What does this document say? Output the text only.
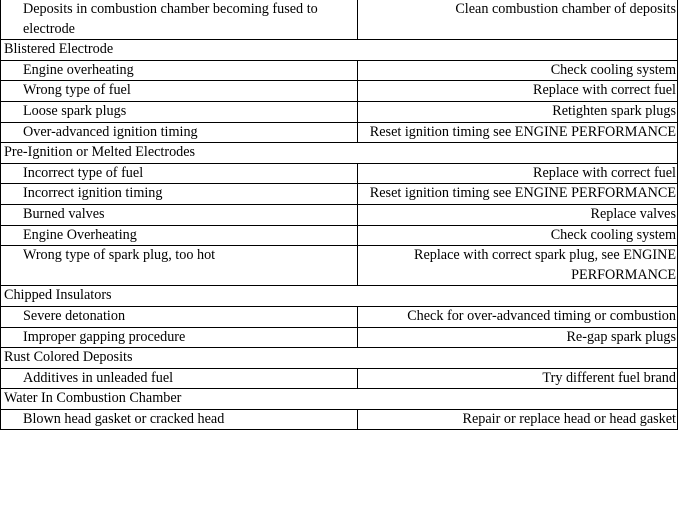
Deposits in combustion chamber becoming fused to electrode	Clean combustion chamber of deposits
Blistered Electrode	
Engine overheating	Check cooling system
Wrong type of fuel	Replace with correct fuel
Loose spark plugs	Retighten spark plugs
Over-advanced ignition timing	Reset ignition timing see ENGINE PERFORMANCE
Pre-Ignition or Melted Electrodes	
Incorrect type of fuel	Replace with correct fuel
Incorrect ignition timing	Reset ignition timing see ENGINE PERFORMANCE
Burned valves	Replace valves
Engine Overheating	Check cooling system
Wrong type of spark plug, too hot	Replace with correct spark plug, see ENGINE PERFORMANCE
Chipped Insulators	
Severe detonation	Check for over-advanced timing or combustion
Improper gapping procedure	Re-gap spark plugs
Rust Colored Deposits	
Additives in unleaded fuel	Try different fuel brand
Water In Combustion Chamber	
Blown head gasket or cracked head	Repair or replace head or head gasket
